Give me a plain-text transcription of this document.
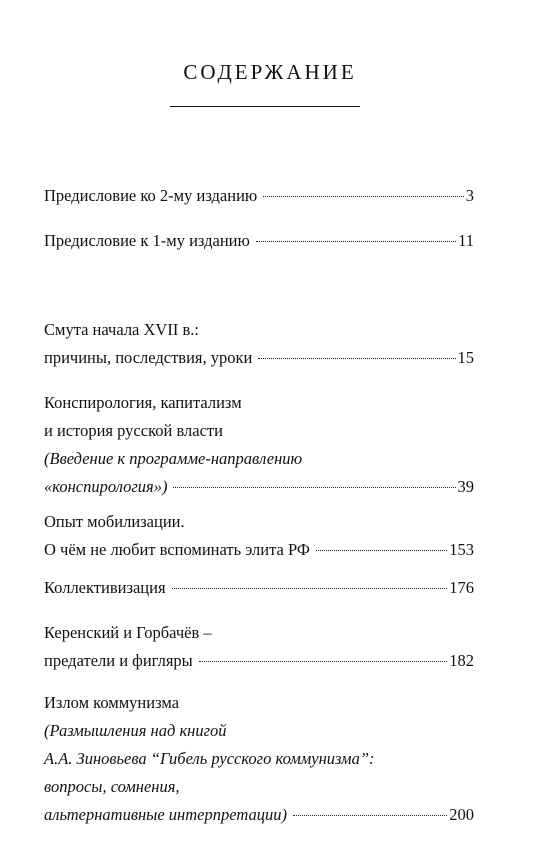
СОДЕРЖАНИЕ
Предисловие ко 2-му изданию	3
Предисловие к 1-му изданию	11
Смута начала XVII в.:
причины, последствия, уроки	15
Конспирология, капитализм
и история русской власти
(Введение к программе-направлению
«конспирология»)	39
Опыт мобилизации.
О чём не любит вспоминать элита РФ	153
Коллективизация	176
Керенский и Горбачёв –
предатели и фигляры	182
Излом коммунизма
(Размышления над книгой
А.А. Зиновьева “Гибель русского коммунизма”:
вопросы, сомнения,
альтернативные интерпретации)	200
